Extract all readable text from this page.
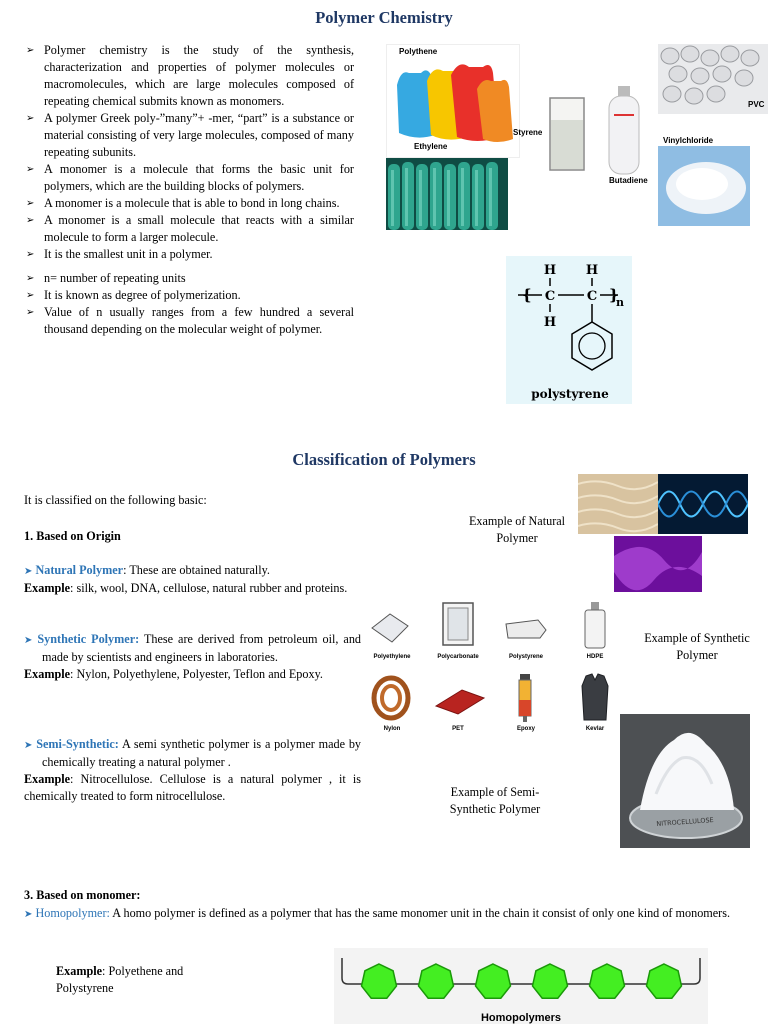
Polymer Chemistry
➢ Polymer chemistry is the study of the synthesis, characterization and properties of polymer molecules or macromolecules, which are large molecules composed of repeating chemical submits known as monomers.
➢ A polymer Greek poly-”many”+ -mer, “part” is a substance or material consisting of very large molecules, composed of many repeating subunits.
➢ A monomer is a molecule that forms the basic unit for polymers, which are the building blocks of polymers.
➢ A monomer is a molecule that is able to bond in long chains.
➢ A monomer is a small molecule that reacts with a similar molecule to form a larger molecule.
➢ It is the smallest unit in a polymer.
➢ n= number of repeating units
➢ It is known as degree of polymerization.
➢ Value of n usually ranges from a few hundred a several thousand depending on the molecular weight of polymer.
Polythene
Ethylene
Styrene
Butadiene
PVC
Vinylchloride
H H
{ C C }
n
H
polystyrene
Classification of Polymers
It is classified on the following basic:
1. Based on Origin
➤ Natural Polymer: These are obtained naturally.
Example: silk, wool, DNA, cellulose, natural rubber and proteins.
➤ Synthetic Polymer: These are derived from petroleum oil, and made by scientists and engineers in laboratories.
Example: Nylon, Polyethylene, Polyester, Teflon and Epoxy.
➤ Semi-Synthetic: A semi synthetic polymer is a polymer made by chemically treating a natural polymer .
Example: Nitrocellulose. Cellulose is a natural polymer , it is chemically treated to form nitrocellulose.
Example of Natural Polymer
Polyethylene	Polycarbonate	Polystyrene	HDPE
Nylon	PET	Epoxy	Kevlar
Example of Synthetic Polymer
Example of Semi-Synthetic Polymer
NITROCELLULOSE
3. Based on monomer:
➤ Homopolymer: A homo polymer is defined as a polymer that has the same monomer unit in the chain it consist of only one kind of monomers.
Example: Polyethene and Polystyrene
Homopolymers
